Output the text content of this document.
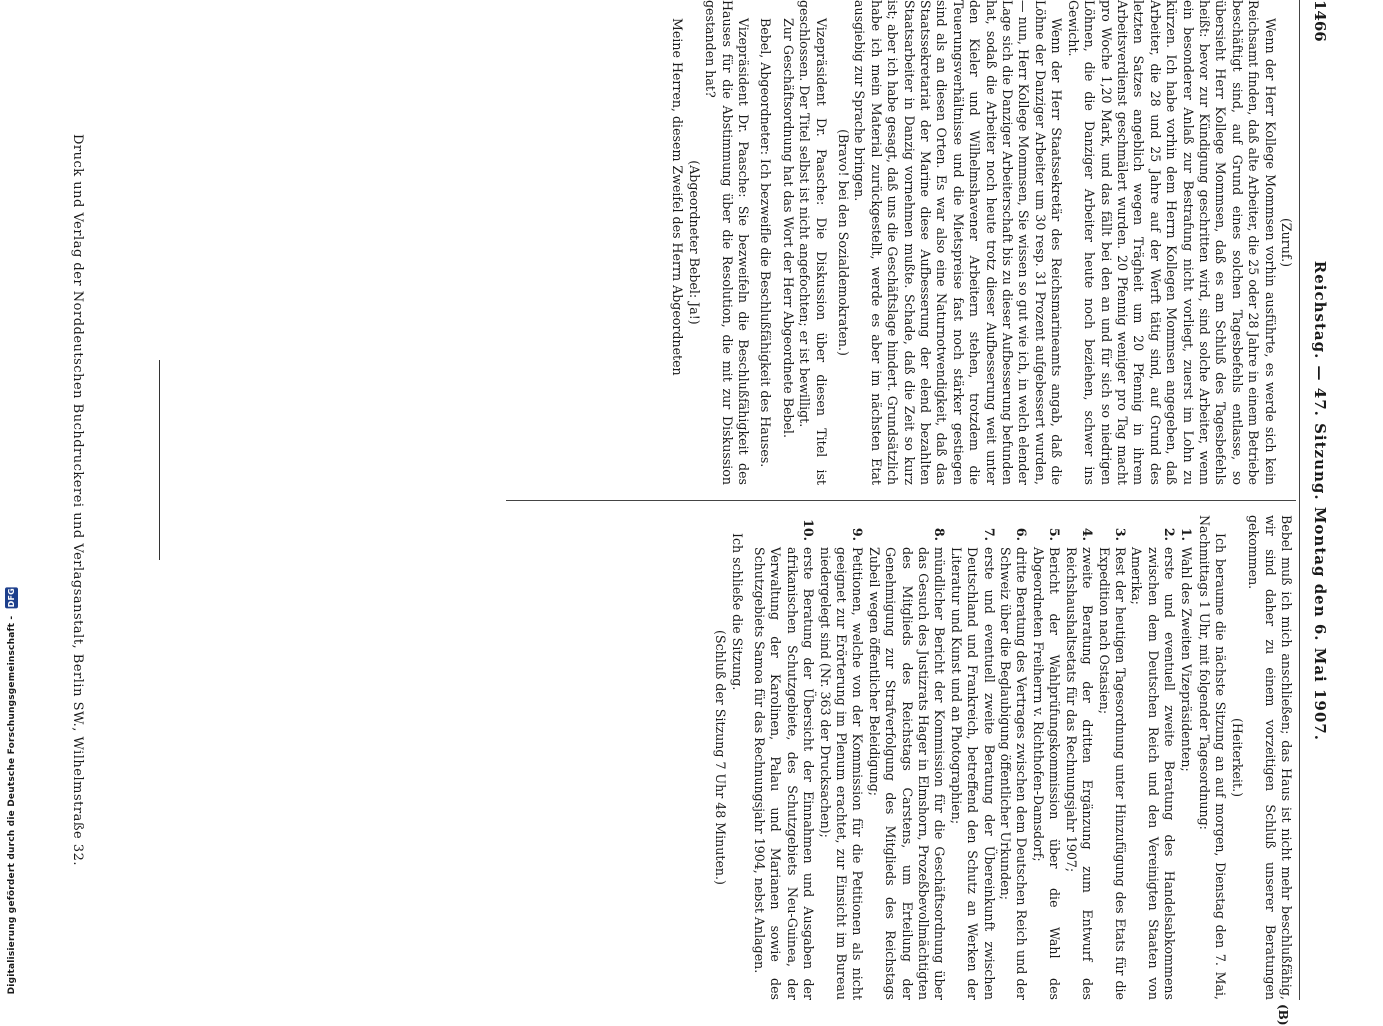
Digitalisierung gefördert durch die Deutsche Forschungsgemeinschaft - DFG
1466
Reichstag. — 47. Sitzung. Montag den 6. Mai 1907.
(B)

(Zuruf.)

Wenn der Herr Kollege Mommsen vorhin ausführte, es werde sich kein Reichsamt finden, daß alte Arbeiter, die 25 oder 28 Jahre in einem Betriebe beschäftigt sind, auf Grund eines solchen Tagesbefehls entlasse, so übersieht Herr Kollege Mommsen, daß es am Schluß des Tagesbefehls heißt: bevor zur Kündigung geschritten wird, sind solche Arbeiter, wenn ein besonderer Anlaß zur Bestrafung nicht vorliegt, zuerst im Lohn zu kürzen. Ich habe vorhin dem Herrn Kollegen Mommsen angegeben, daß Arbeiter, die 28 und 25 Jahre auf der Werft tätig sind, auf Grund des letzten Satzes angeblich wegen Trägheit um 20 Pfennig in ihrem Arbeitsverdienst geschmälert wurden. 20 Pfennig weniger pro Tag macht pro Woche 1,20 Mark, und das fällt bei den an und für sich so niedrigen Löhnen, die die Danziger Arbeiter heute noch beziehen, schwer ins Gewicht.

Wenn der Herr Staatssekretär des Reichsmarineamts angab, daß die Löhne der Danziger Arbeiter um 30 resp. 31 Prozent aufgebessert wurden, — nun, Herr Kollege Mommsen, Sie wissen so gut wie ich, in welch elender Lage sich die Danziger Arbeiterschaft bis zu dieser Aufbesserung befunden hat, sodaß die Arbeiter noch heute trotz dieser Aufbesserung weit unter den Kieler und Wilhelmshavener Arbeitern stehen, trotzdem die Teuerungsverhältnisse und die Mietspreise fast noch stärker gestiegen sind als an diesen Orten. Es war also eine Naturnotwendigkeit, daß das Staatssekretariat der Marine diese Aufbesserung der elend bezahlten Staatsarbeiter in Danzig vornehmen mußte. Schade, daß die Zeit so kurz ist; aber ich habe gesagt, daß uns die Geschäftslage hindert. Grundsätzlich habe ich mein Material zurückgestellt, werde es aber im nächsten Etat ausgiebig zur Sprache bringen.

(Bravo! bei den Sozialdemokraten.)

Vizepräsident Dr. Paasche: Die Diskussion über diesen Titel ist geschlossen. Der Titel selbst ist nicht angefochten; er ist bewilligt.

Zur Geschäftsordnung hat das Wort der Herr Abgeordnete Bebel.

Bebel, Abgeordneter: Ich bezweifle die Beschlußfähigkeit des Hauses.

Vizepräsident Dr. Paasche: Sie bezweifeln die Beschlußfähigkeit des Hauses für die Abstimmung über die Resolution, die mit zur Diskussion gestanden hat?

(Abgeordneter Bebel: Ja!)

Meine Herren, diesem Zweifel des Herrn Abgeordneten

Bebel muß ich mich anschließen; das Haus ist nicht mehr beschlußfähig, wir sind daher zu einem vorzeitigen Schluß unserer Beratungen gekommen.

(Heiterkeit.)

Ich beraume die nächste Sitzung an auf morgen, Dienstag den 7. Mai, Nachmittags 1 Uhr, mit folgender Tagesordnung:

1.
Wahl des Zweiten Vizepräsidenten;
2.
erste und eventuell zweite Beratung des Handelsabkommens zwischen dem Deutschen Reich und den Vereinigten Staaten von Amerika;
3.
Rest der heutigen Tagesordnung unter Hinzufügung des Etats für die Expedition nach Ostasien;
4.
zweite Beratung der dritten Ergänzung zum Entwurf des Reichshaushaltsetats für das Rechnungsjahr 1907;
5.
Bericht der Wahlprüfungskommission über die Wahl des Abgeordneten Freiherrn v. Richthofen-Damsdorf;
6.
dritte Beratung des Vertrages zwischen dem Deutschen Reich und der Schweiz über die Beglaubigung öffentlicher Urkunden;
7.
erste und eventuell zweite Beratung der Übereinkunft zwischen Deutschland und Frankreich, betreffend den Schutz an Werken der Literatur und Kunst und an Photographien;
8.
mündlicher Bericht der Kommission für die Geschäftsordnung über das Gesuch des Justizrats Hager in Elmshorn, Prozeßbevollmächtigten des Mitglieds des Reichstags Carstens, um Erteilung der Genehmigung zur Strafverfolgung des Mitglieds des Reichstags Zubeil wegen öffentlicher Beleidigung;
9.
Petitionen, welche von der Kommission für die Petitionen als nicht geeignet zur Erörterung im Plenum erachtet, zur Einsicht im Bureau niedergelegt sind (Nr. 363 der Drucksachen);
10.
erste Beratung der Übersicht der Einnahmen und Ausgaben der afrikanischen Schutzgebiete, des Schutzgebiets Neu-Guinea, der Verwaltung der Karolinen, Palau und Marianen sowie des Schutzgebiets Samoa für das Rechnungsjahr 1904, nebst Anlagen.

Ich schließe die Sitzung.

(Schluß der Sitzung 7 Uhr 48 Minuten.)

Druck und Verlag der Norddeutschen Buchdruckerei und Verlagsanstalt, Berlin SW., Wilhelmstraße 32.
